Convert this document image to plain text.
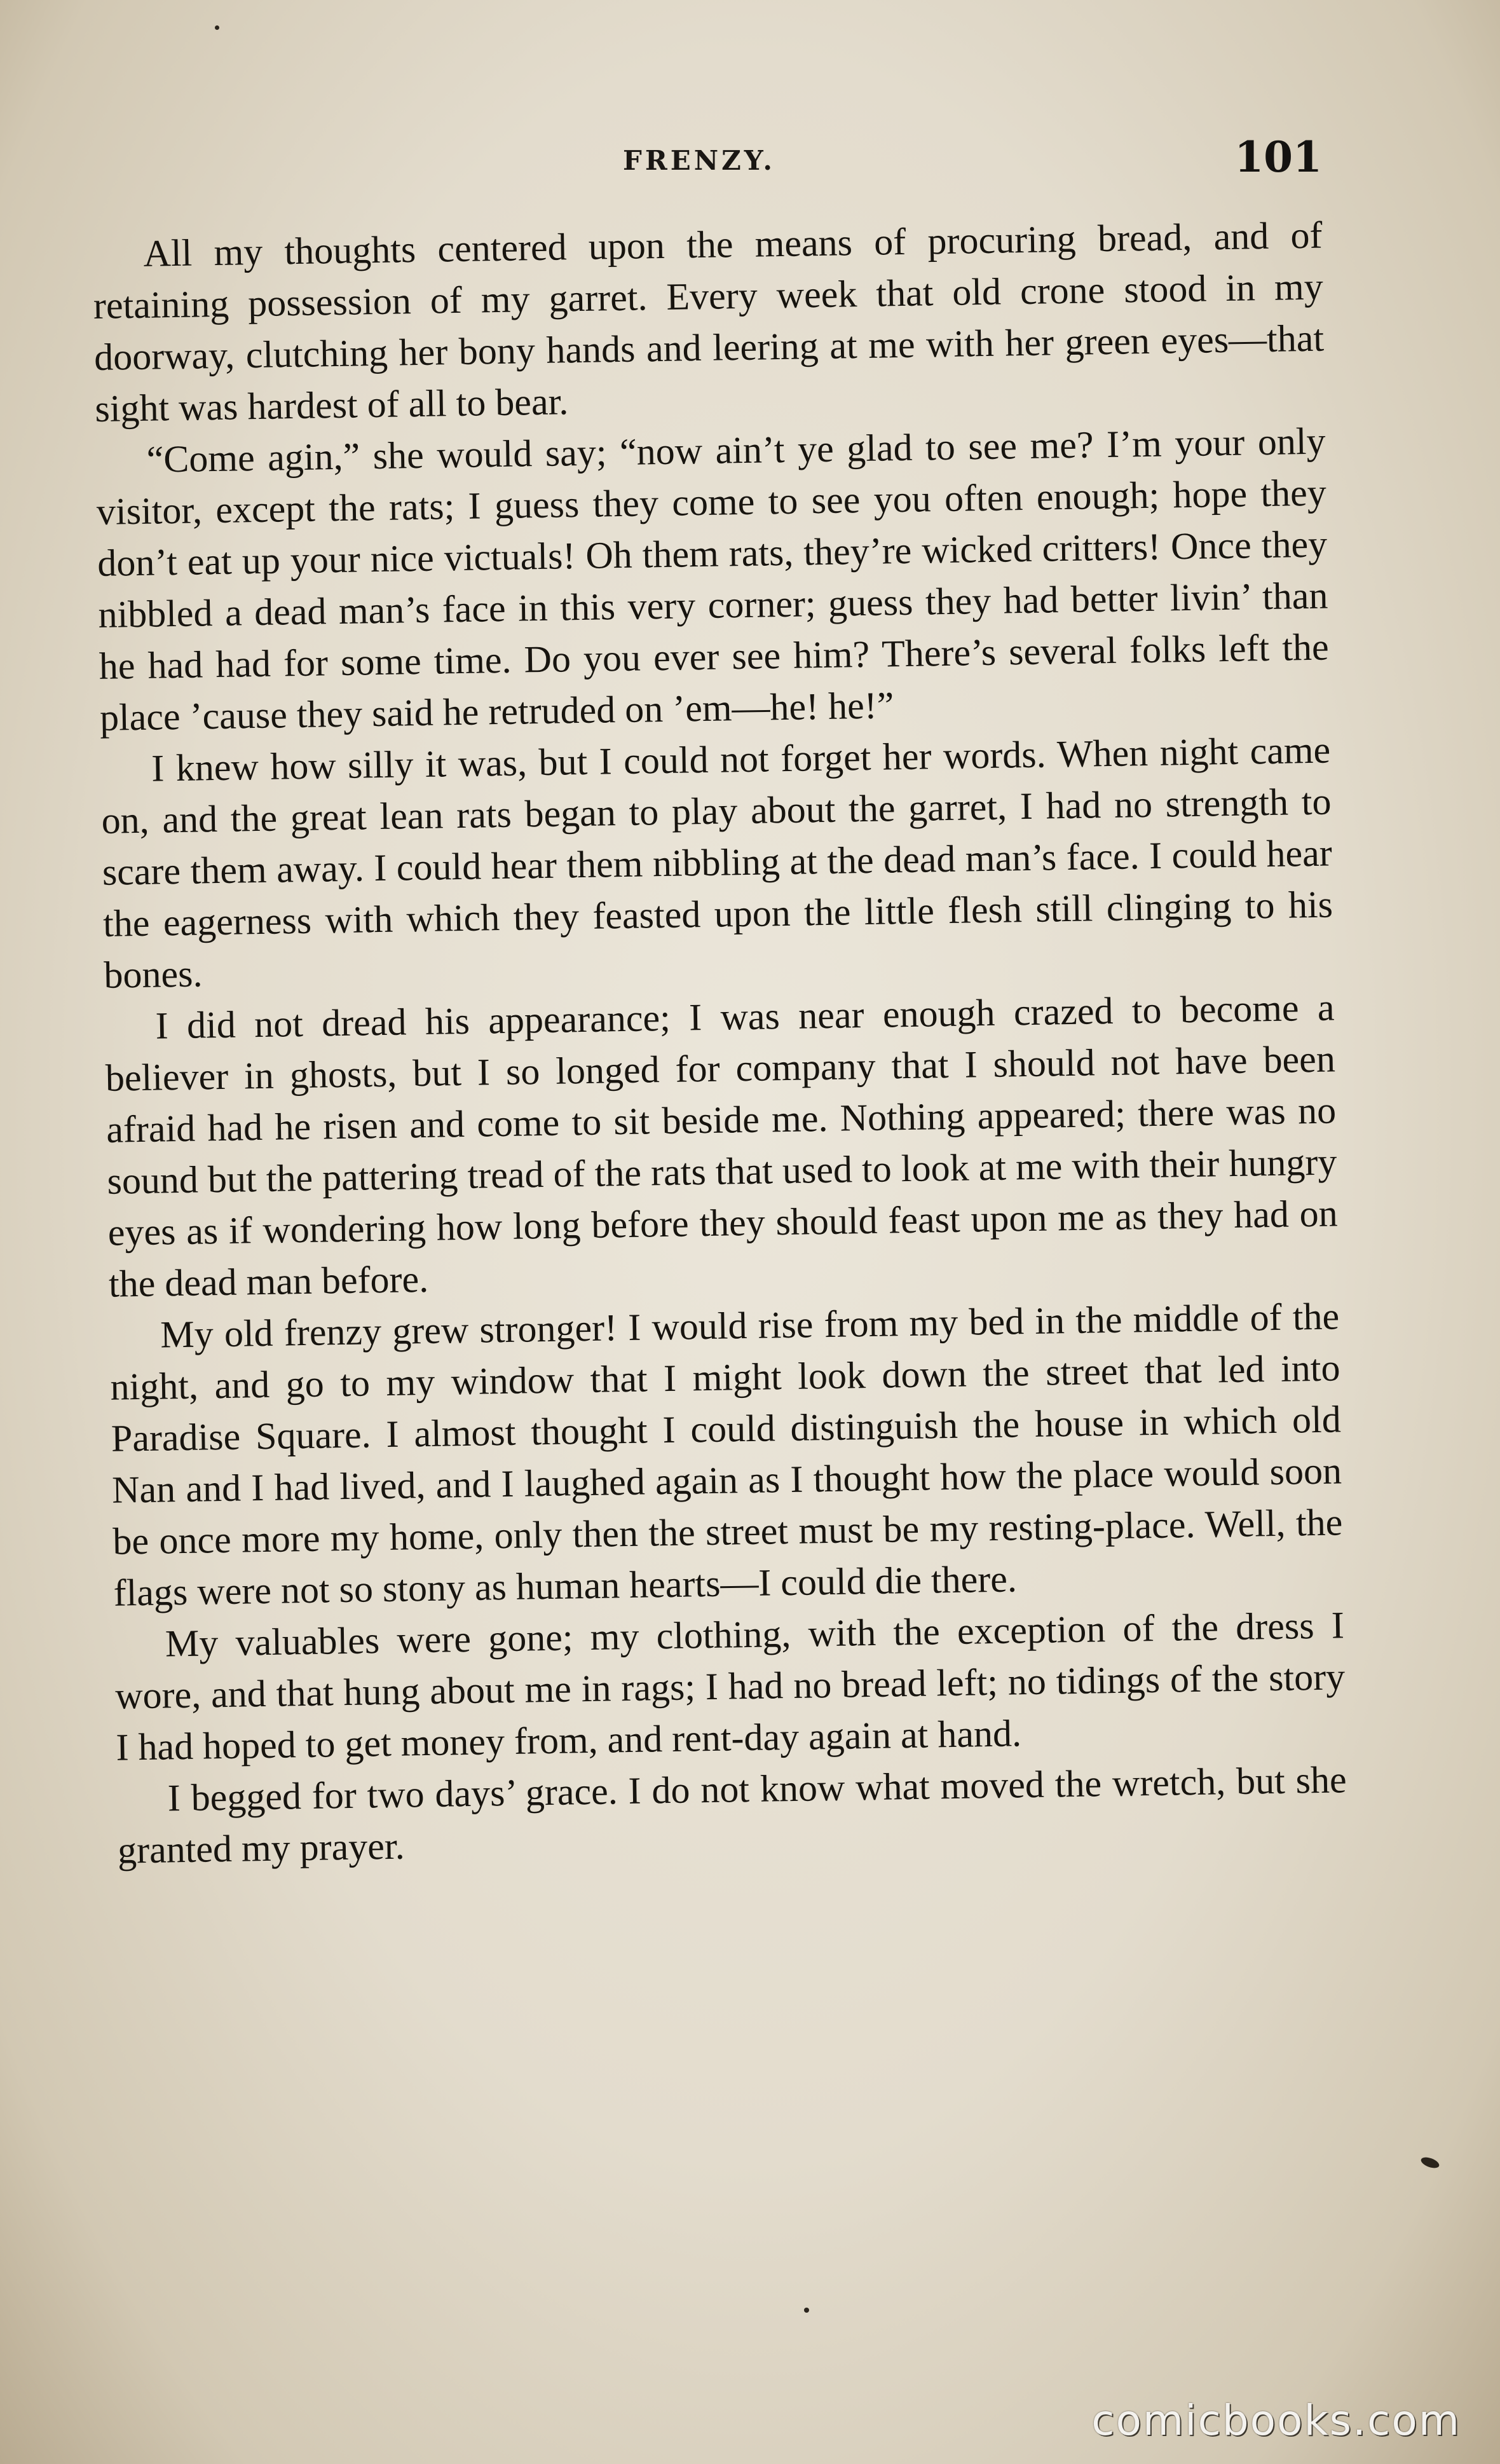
FRENZY.	101

All my thoughts centered upon the means of procuring bread, and of retaining possession of my garret. Every week that old crone stood in my doorway, clutching her bony hands and leering at me with her green eyes—that sight was hardest of all to bear.

“Come agin,” she would say; “now ain’t ye glad to see me? I’m your only visitor, except the rats; I guess they come to see you often enough; hope they don’t eat up your nice victuals! Oh them rats, they’re wicked critters! Once they nibbled a dead man’s face in this very corner; guess they had better livin’ than he had had for some time. Do you ever see him? There’s several folks left the place ’cause they said he retruded on ’em—he! he!”

I knew how silly it was, but I could not forget her words. When night came on, and the great lean rats began to play about the garret, I had no strength to scare them away. I could hear them nibbling at the dead man’s face. I could hear the eagerness with which they feasted upon the little flesh still clinging to his bones.

I did not dread his appearance; I was near enough crazed to become a believer in ghosts, but I so longed for company that I should not have been afraid had he risen and come to sit beside me. Nothing appeared; there was no sound but the pattering tread of the rats that used to look at me with their hungry eyes as if wondering how long before they should feast upon me as they had on the dead man before.

My old frenzy grew stronger! I would rise from my bed in the middle of the night, and go to my window that I might look down the street that led into Paradise Square. I almost thought I could distinguish the house in which old Nan and I had lived, and I laughed again as I thought how the place would soon be once more my home, only then the street must be my resting-place. Well, the flags were not so stony as human hearts—I could die there.

My valuables were gone; my clothing, with the exception of the dress I wore, and that hung about me in rags; I had no bread left; no tidings of the story I had hoped to get money from, and rent-day again at hand.

I begged for two days’ grace. I do not know what moved the wretch, but she granted my prayer.

comicbooks.com
